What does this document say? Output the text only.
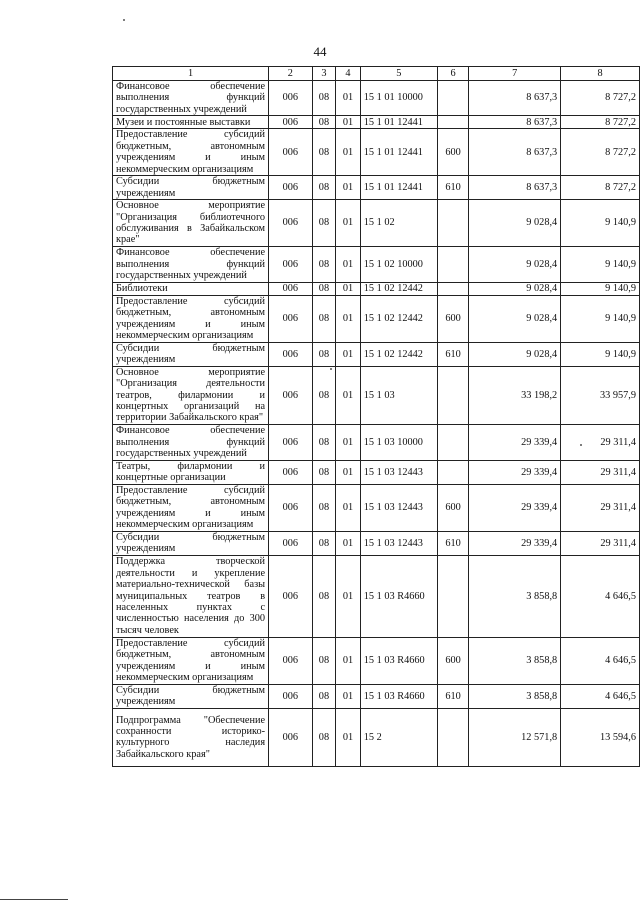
44
1	2	3	4	5	6	7	8
Финансовое обеспечение выполнения функций государственных учреждений	006	08	01	15 1 01 10000		8 637,3	8 727,2
Музеи и постоянные выставки	006	08	01	15 1 01 12441		8 637,3	8 727,2
Предоставление субсидий бюджетным, автономным учреждениям и иным некоммерческим организациям	006	08	01	15 1 01 12441	600	8 637,3	8 727,2
Субсидии бюджетным учреждениям	006	08	01	15 1 01 12441	610	8 637,3	8 727,2
Основное мероприятие "Организация библиотечного обслуживания в Забайкальском крае"	006	08	01	15 1 02		9 028,4	9 140,9
Финансовое обеспечение выполнения функций государственных учреждений	006	08	01	15 1 02 10000		9 028,4	9 140,9
Библиотеки	006	08	01	15 1 02 12442		9 028,4	9 140,9
Предоставление субсидий бюджетным, автономным учреждениям и иным некоммерческим организациям	006	08	01	15 1 02 12442	600	9 028,4	9 140,9
Субсидии бюджетным учреждениям	006	08	01	15 1 02 12442	610	9 028,4	9 140,9
Основное мероприятие "Организация деятельности театров, филармонии и концертных организаций на территории Забайкальского края"	006	08	01	15 1 03		33 198,2	33 957,9
Финансовое обеспечение выполнения функций государственных учреждений	006	08	01	15 1 03 10000		29 339,4	29 311,4
Театры, филармонии и концертные организации	006	08	01	15 1 03 12443		29 339,4	29 311,4
Предоставление субсидий бюджетным, автономным учреждениям и иным некоммерческим организациям	006	08	01	15 1 03 12443	600	29 339,4	29 311,4
Субсидии бюджетным учреждениям	006	08	01	15 1 03 12443	610	29 339,4	29 311,4
Поддержка творческой деятельности и укрепление материально-технической базы муниципальных театров в населенных пунктах с численностью населения до 300 тысяч человек	006	08	01	15 1 03 R4660		3 858,8	4 646,5
Предоставление субсидий бюджетным, автономным учреждениям и иным некоммерческим организациям	006	08	01	15 1 03 R4660	600	3 858,8	4 646,5
Субсидии бюджетным учреждениям	006	08	01	15 1 03 R4660	610	3 858,8	4 646,5
Подпрограмма "Обеспечение сохранности историко-культурного наследия Забайкальского края"	006	08	01	15 2		12 571,8	13 594,6
